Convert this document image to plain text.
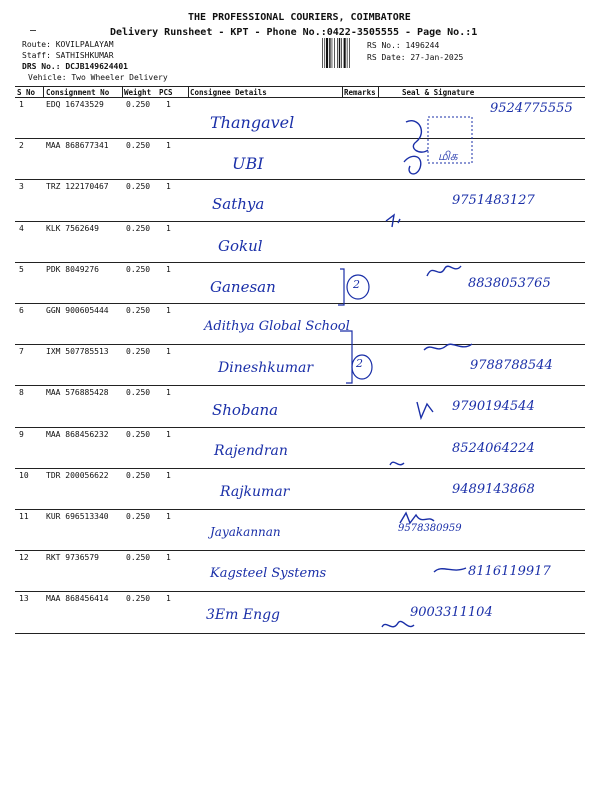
THE PROFESSIONAL COURIERS, COIMBATORE
Delivery Runsheet - KPT - Phone No.:0422-3505555 - Page No.:1
Route: KOVILPALAYAM
Staff: SATHISHKUMAR
DRS No.: DCJB149624401
Vehicle: Two Wheeler Delivery
RS No.: 1496244
RS Date: 27-Jan-2025
S No Consignment No Weight PCS Consignee Details	Remarks	Seal & Signature
1	EDQ 16743529	0.250 1
Thangavel
9524775555
2	MAA 868677341 0.250 1
UBI
3	TRZ 122170467 0.250 1
Sathya	9751483127
4	KLK 7562649	0.250 1
Gokul
5	PDK 8049276	0.250 1
Ganesan	8838053765
6	GGN 900605444 0.250 1
Adithya Global School
7	IXM 507785513 0.250 1
Dineshkumar	9788788544
8	MAA 576885428 0.250 1
Shobana	9790194544
9	MAA 868456232 0.250 1
Rajendran	8524064224
10 TDR 200056622 0.250 1
Rajkumar	9489143868
11 KUR 696513340 0.250 1
Jayakannan	9578380959
12 RKT 9736579	0.250 1
Kagsteel Systems	8116119917
13 MAA 868456414 0.250 1
3Em Engg	9003311104
2
2
மிக
